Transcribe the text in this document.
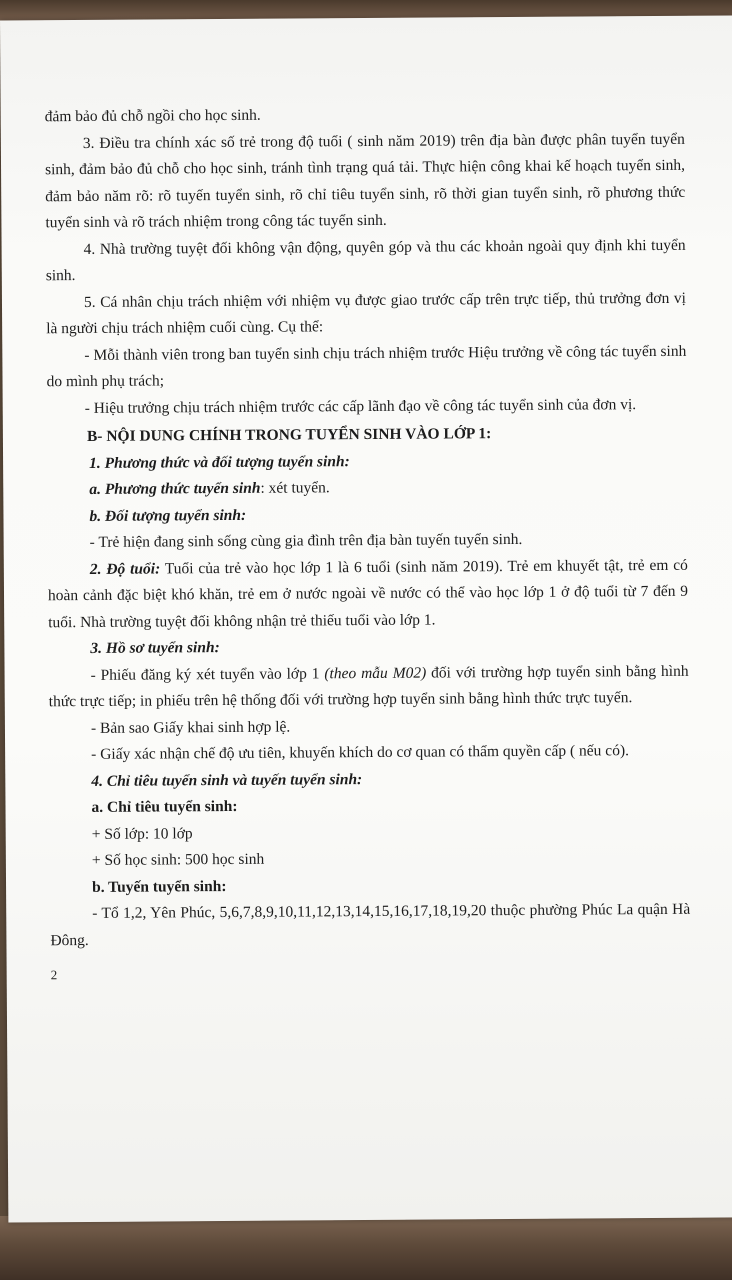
đảm bảo đủ chỗ ngồi cho học sinh.

3. Điều tra chính xác số trẻ trong độ tuổi ( sinh năm 2019) trên địa bàn được phân tuyển tuyển sinh, đảm bảo đủ chỗ cho học sinh, tránh tình trạng quá tải. Thực hiện công khai kế hoạch tuyển sinh, đảm bảo năm rõ: rõ tuyến tuyển sinh, rõ chỉ tiêu tuyển sinh, rõ thời gian tuyển sinh, rõ phương thức tuyển sinh và rõ trách nhiệm trong công tác tuyển sinh.

4. Nhà trường tuyệt đối không vận động, quyên góp và thu các khoản ngoài quy định khi tuyển sinh.

5. Cá nhân chịu trách nhiệm với nhiệm vụ được giao trước cấp trên trực tiếp, thủ trưởng đơn vị là người chịu trách nhiệm cuối cùng. Cụ thể:

- Mỗi thành viên trong ban tuyển sinh chịu trách nhiệm trước Hiệu trưởng về công tác tuyển sinh do mình phụ trách;

- Hiệu trưởng chịu trách nhiệm trước các cấp lãnh đạo về công tác tuyển sinh của đơn vị.

B- NỘI DUNG CHÍNH TRONG TUYỂN SINH VÀO LỚP 1:

1. Phương thức và đối tượng tuyển sinh:

a. Phương thức tuyển sinh: xét tuyển.

b. Đối tượng tuyển sinh:

- Trẻ hiện đang sinh sống cùng gia đình trên địa bàn tuyến tuyển sinh.

2. Độ tuổi: Tuổi của trẻ vào học lớp 1 là 6 tuổi (sinh năm 2019). Trẻ em khuyết tật, trẻ em có hoàn cảnh đặc biệt khó khăn, trẻ em ở nước ngoài về nước có thể vào học lớp 1 ở độ tuổi từ 7 đến 9 tuổi. Nhà trường tuyệt đối không nhận trẻ thiếu tuổi vào lớp 1.

3. Hồ sơ tuyển sinh:

- Phiếu đăng ký xét tuyển vào lớp 1 (theo mẫu M02) đối với trường hợp tuyển sinh bằng hình thức trực tiếp; in phiếu trên hệ thống đối với trường hợp tuyển sinh bằng hình thức trực tuyến.

- Bản sao Giấy khai sinh hợp lệ.

- Giấy xác nhận chế độ ưu tiên, khuyến khích do cơ quan có thẩm quyền cấp ( nếu có).

4. Chỉ tiêu tuyển sinh và tuyến tuyển sinh:

a. Chỉ tiêu tuyển sinh:

+ Số lớp: 10 lớp

+ Số học sinh: 500 học sinh

b. Tuyến tuyển sinh:

- Tổ 1,2, Yên Phúc, 5,6,7,8,9,10,11,12,13,14,15,16,17,18,19,20 thuộc phường Phúc La quận Hà Đông.

2
